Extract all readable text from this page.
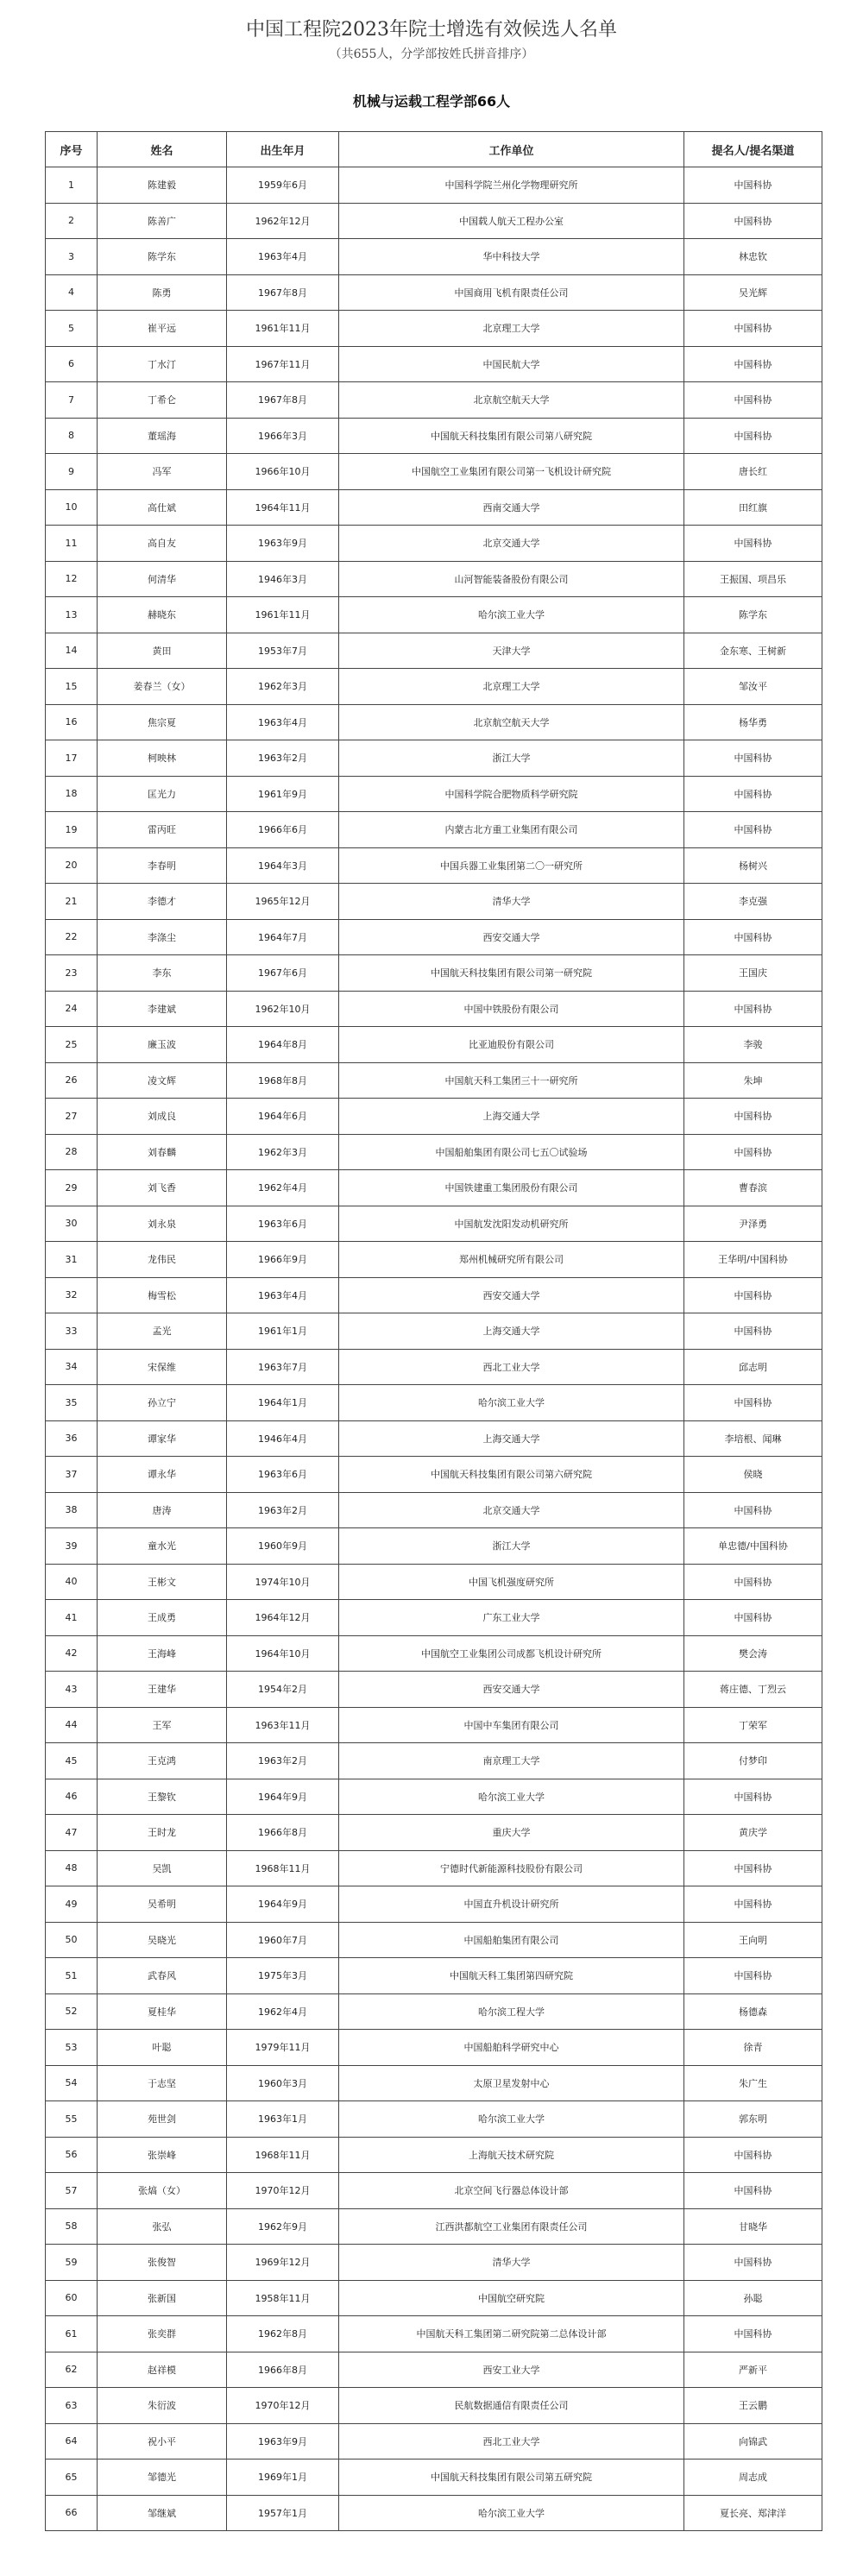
中国工程院2023年院士增选有效候选人名单
（共655人，分学部按姓氏拼音排序）
机械与运载工程学部66人
序号	姓名	出生年月	工作单位	提名人/提名渠道
1	陈建毅	1959年6月	中国科学院兰州化学物理研究所	中国科协
2	陈善广	1962年12月	中国载人航天工程办公室	中国科协
3	陈学东	1963年4月	华中科技大学	林忠钦
4	陈勇	1967年8月	中国商用飞机有限责任公司	吴光辉
5	崔平远	1961年11月	北京理工大学	中国科协
6	丁水汀	1967年11月	中国民航大学	中国科协
7	丁希仑	1967年8月	北京航空航天大学	中国科协
8	董瑶海	1966年3月	中国航天科技集团有限公司第八研究院	中国科协
9	冯军	1966年10月	中国航空工业集团有限公司第一飞机设计研究院	唐长红
10	高仕斌	1964年11月	西南交通大学	田红旗
11	高自友	1963年9月	北京交通大学	中国科协
12	何清华	1946年3月	山河智能装备股份有限公司	王振国、项昌乐
13	赫晓东	1961年11月	哈尔滨工业大学	陈学东
14	黄田	1953年7月	天津大学	金东寒、王树新
15	姜春兰（女）	1962年3月	北京理工大学	邹汝平
16	焦宗夏	1963年4月	北京航空航天大学	杨华勇
17	柯映林	1963年2月	浙江大学	中国科协
18	匡光力	1961年9月	中国科学院合肥物质科学研究院	中国科协
19	雷丙旺	1966年6月	内蒙古北方重工业集团有限公司	中国科协
20	李春明	1964年3月	中国兵器工业集团第二〇一研究所	杨树兴
21	李德才	1965年12月	清华大学	李克强
22	李涤尘	1964年7月	西安交通大学	中国科协
23	李东	1967年6月	中国航天科技集团有限公司第一研究院	王国庆
24	李建斌	1962年10月	中国中铁股份有限公司	中国科协
25	廉玉波	1964年8月	比亚迪股份有限公司	李骏
26	凌文辉	1968年8月	中国航天科工集团三十一研究所	朱坤
27	刘成良	1964年6月	上海交通大学	中国科协
28	刘春麟	1962年3月	中国船舶集团有限公司七五〇试验场	中国科协
29	刘飞香	1962年4月	中国铁建重工集团股份有限公司	曹春滨
30	刘永泉	1963年6月	中国航发沈阳发动机研究所	尹泽勇
31	龙伟民	1966年9月	郑州机械研究所有限公司	王华明/中国科协
32	梅雪松	1963年4月	西安交通大学	中国科协
33	孟光	1961年1月	上海交通大学	中国科协
34	宋保维	1963年7月	西北工业大学	邱志明
35	孙立宁	1964年1月	哈尔滨工业大学	中国科协
36	谭家华	1946年4月	上海交通大学	李培根、闻琳
37	谭永华	1963年6月	中国航天科技集团有限公司第六研究院	侯晓
38	唐涛	1963年2月	北京交通大学	中国科协
39	童水光	1960年9月	浙江大学	单忠德/中国科协
40	王彬文	1974年10月	中国飞机强度研究所	中国科协
41	王成勇	1964年12月	广东工业大学	中国科协
42	王海峰	1964年10月	中国航空工业集团公司成都飞机设计研究所	樊会涛
43	王建华	1954年2月	西安交通大学	蒋庄德、丁烈云
44	王军	1963年11月	中国中车集团有限公司	丁荣军
45	王克鸿	1963年2月	南京理工大学	付梦印
46	王黎钦	1964年9月	哈尔滨工业大学	中国科协
47	王时龙	1966年8月	重庆大学	黄庆学
48	吴凯	1968年11月	宁德时代新能源科技股份有限公司	中国科协
49	吴希明	1964年9月	中国直升机设计研究所	中国科协
50	吴晓光	1960年7月	中国船舶集团有限公司	王向明
51	武春风	1975年3月	中国航天科工集团第四研究院	中国科协
52	夏桂华	1962年4月	哈尔滨工程大学	杨德森
53	叶聪	1979年11月	中国船舶科学研究中心	徐青
54	于志坚	1960年3月	太原卫星发射中心	朱广生
55	苑世剑	1963年1月	哈尔滨工业大学	郭东明
56	张崇峰	1968年11月	上海航天技术研究院	中国科协
57	张熇（女）	1970年12月	北京空间飞行器总体设计部	中国科协
58	张弘	1962年9月	江西洪都航空工业集团有限责任公司	甘晓华
59	张俊智	1969年12月	清华大学	中国科协
60	张新国	1958年11月	中国航空研究院	孙聪
61	张奕群	1962年8月	中国航天科工集团第二研究院第二总体设计部	中国科协
62	赵祥模	1966年8月	西安工业大学	严新平
63	朱衍波	1970年12月	民航数据通信有限责任公司	王云鹏
64	祝小平	1963年9月	西北工业大学	向锦武
65	邹德光	1969年1月	中国航天科技集团有限公司第五研究院	周志成
66	邹继斌	1957年1月	哈尔滨工业大学	夏长亮、郑津洋
